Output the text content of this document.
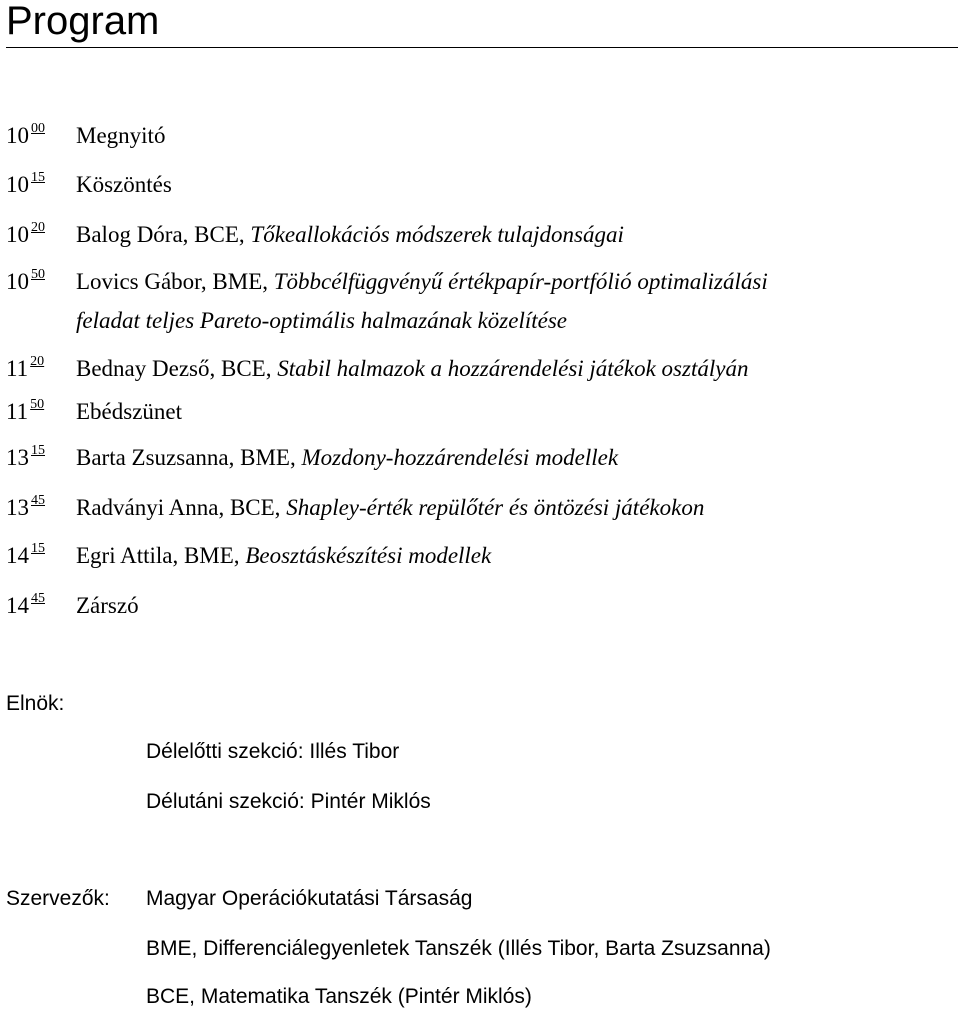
Program
10 $^{00}$ Megnyitó
10 $^{15}$ Köszöntés
10 $^{20}$ Balog Dóra, BCE, Tőkeallokációs módszerek tulajdonságai
10 $^{50}$ Lovics Gábor, BME, Többcélfüggvényű értékpapír-portfólió optimalizálási
feladat teljes Pareto-optimális halmazának közelítése
11 $^{20}$ Bednay Dezső, BCE, Stabil halmazok a hozzárendelési játékok osztályán
11 $^{50}$ Ebédszünet
13 $^{15}$ Barta Zsuzsanna, BME, Mozdony-hozzárendelési modellek
13 $^{45}$ Radványi Anna, BCE, Shapley-érték repülőtér és öntözési játékokon
14 $^{15}$ Egri Attila, BME, Beosztáskészítési modellek
14 $^{45}$ Zárszó
Elnök:
Délelőtti szekció: Illés Tibor
Délutáni szekció: Pintér Miklós
Szervezők: Magyar Operációkutatási Társaság
BME, Differenciálegyenletek Tanszék (Illés Tibor, Barta Zsuzsanna)
BCE, Matematika Tanszék (Pintér Miklós)
